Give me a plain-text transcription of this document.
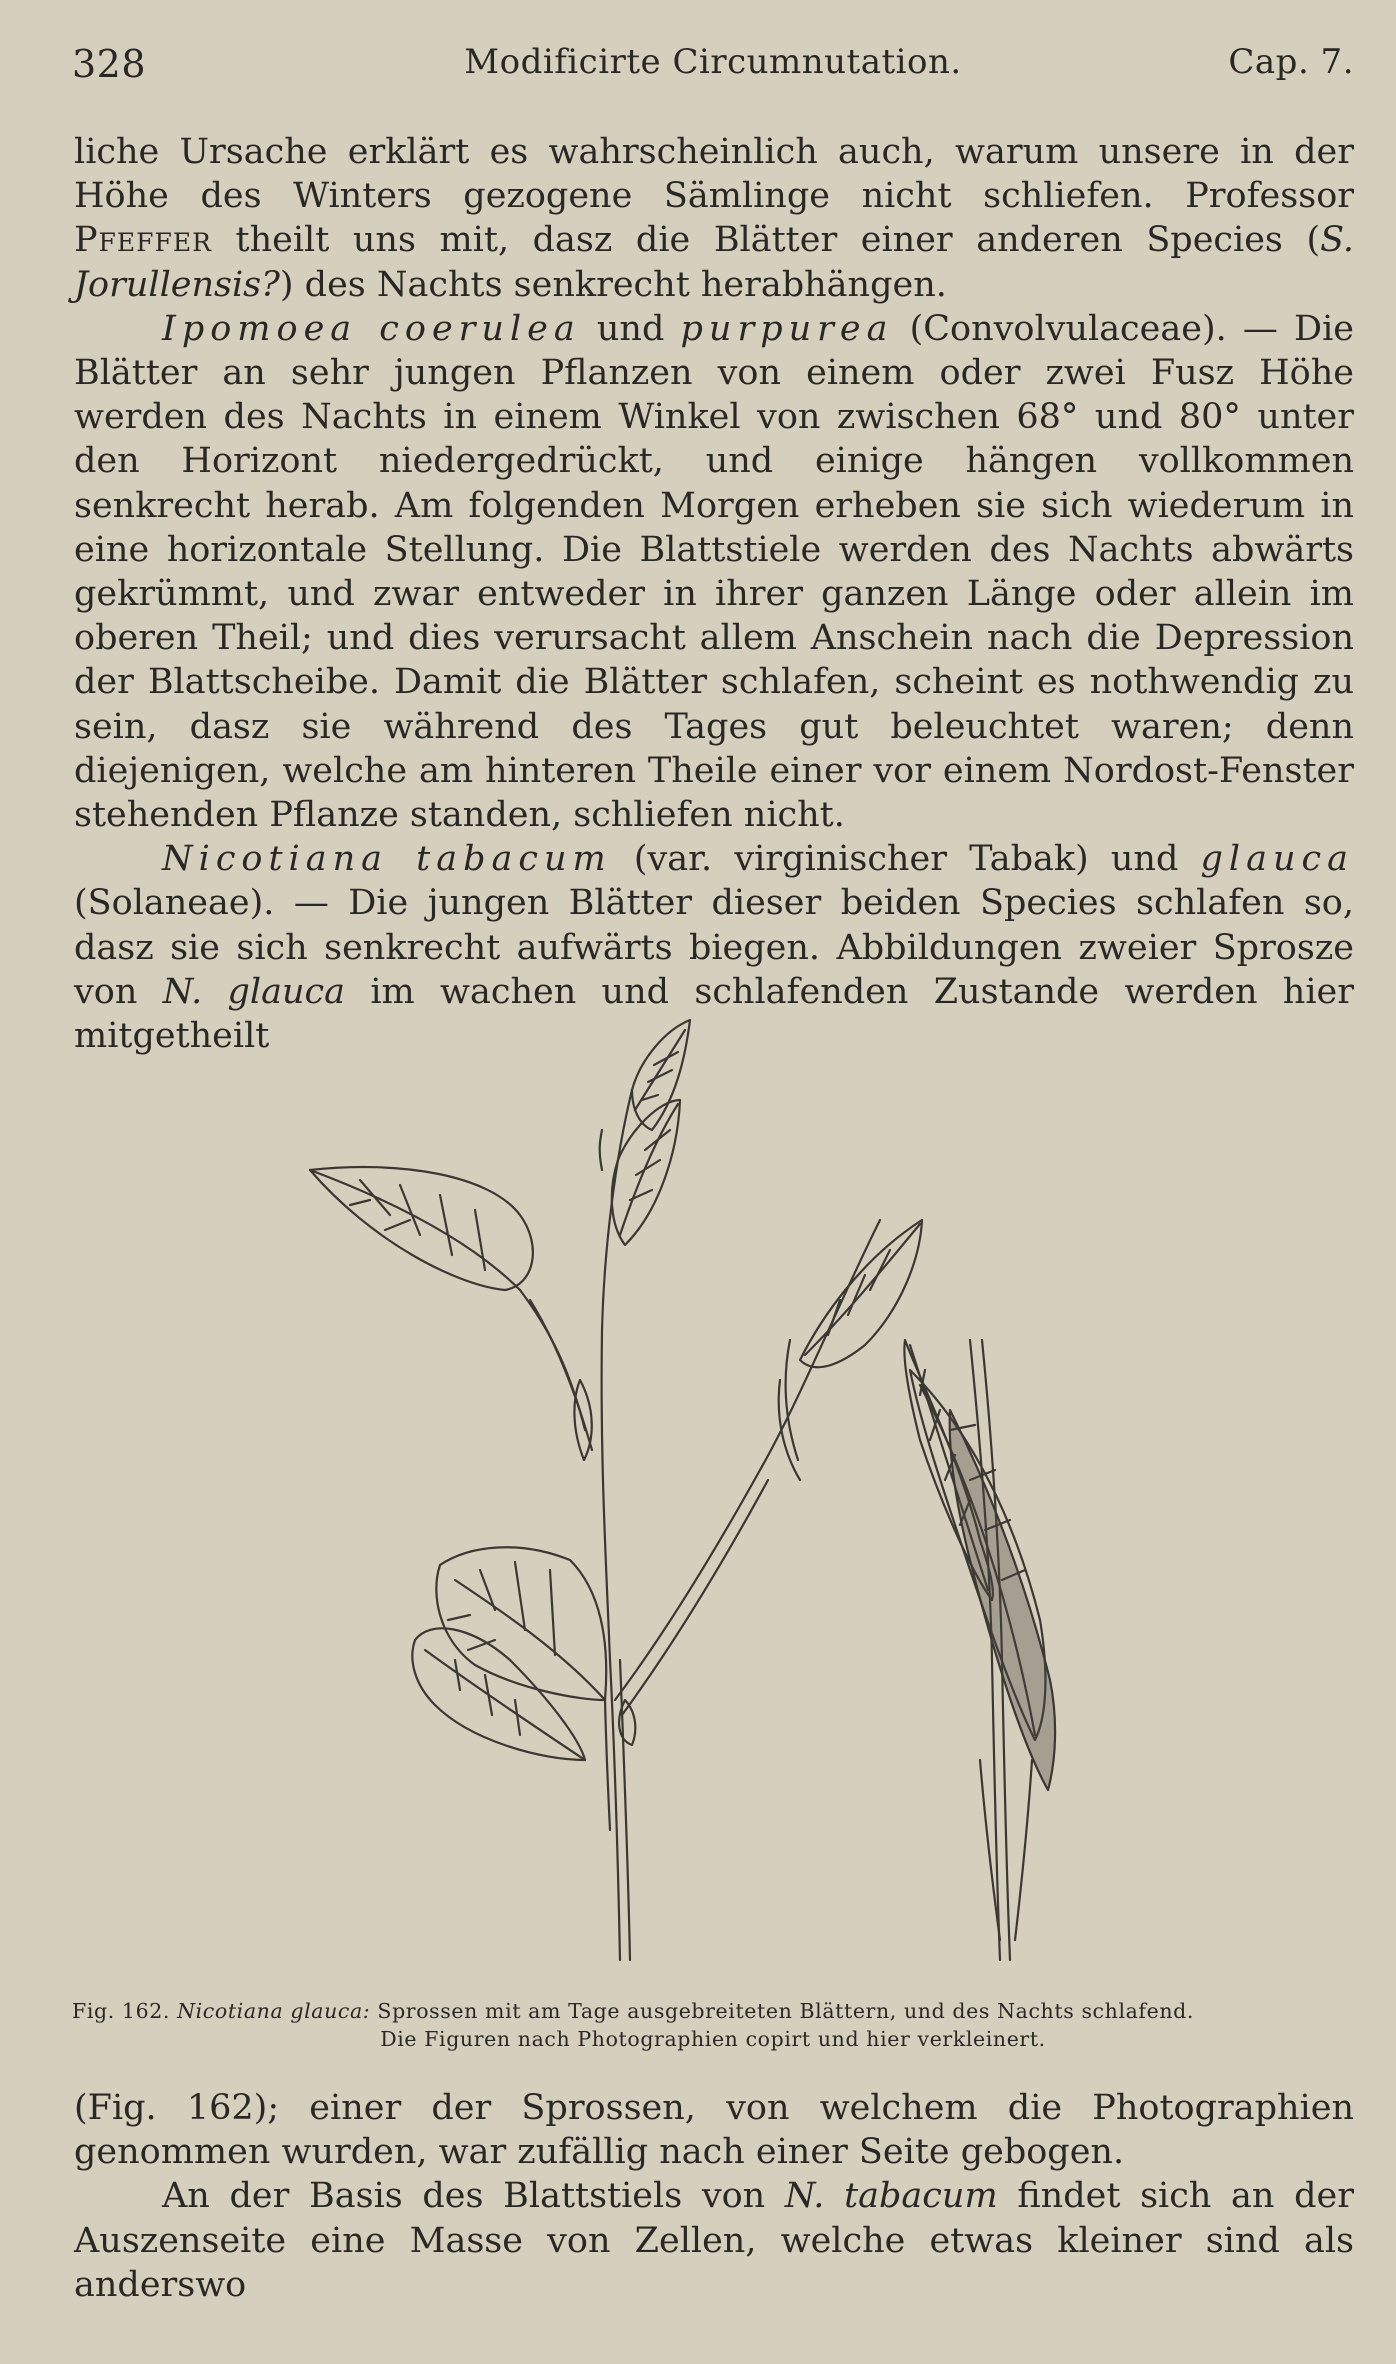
328	Modificirte Circumnutation.	Cap. 7.

liche Ursache erklärt es wahrscheinlich auch, warum unsere in der Höhe des Winters gezogene Sämlinge nicht schliefen. Professor Pfeffer theilt uns mit, dasz die Blätter einer anderen Species (S. Jorullensis?) des Nachts senkrecht herabhängen.

Ipomoea coerulea und purpurea (Convolvulaceae). — Die Blätter an sehr jungen Pflanzen von einem oder zwei Fusz Höhe werden des Nachts in einem Winkel von zwischen 68° und 80° unter den Horizont niedergedrückt, und einige hängen vollkommen senkrecht herab. Am folgenden Morgen erheben sie sich wiederum in eine horizontale Stellung. Die Blattstiele werden des Nachts abwärts gekrümmt, und zwar entweder in ihrer ganzen Länge oder allein im oberen Theil; und dies verursacht allem Anschein nach die Depression der Blattscheibe. Damit die Blätter schlafen, scheint es nothwendig zu sein, dasz sie während des Tages gut beleuchtet waren; denn diejenigen, welche am hinteren Theile einer vor einem Nordost-Fenster stehenden Pflanze standen, schliefen nicht.

Nicotiana tabacum (var. virginischer Tabak) und glauca (Solaneae). — Die jungen Blätter dieser beiden Species schlafen so, dasz sie sich senkrecht aufwärts biegen. Abbildungen zweier Sprosze von N. glauca im wachen und schlafenden Zustande werden hier mitgetheilt

Fig. 162. Nicotiana glauca: Sprossen mit am Tage ausgebreiteten Blättern, und des Nachts schlafend.
Die Figuren nach Photographien copirt und hier verkleinert.

(Fig. 162); einer der Sprossen, von welchem die Photographien genommen wurden, war zufällig nach einer Seite gebogen.

An der Basis des Blattstiels von N. tabacum findet sich an der Auszenseite eine Masse von Zellen, welche etwas kleiner sind als anderswo
